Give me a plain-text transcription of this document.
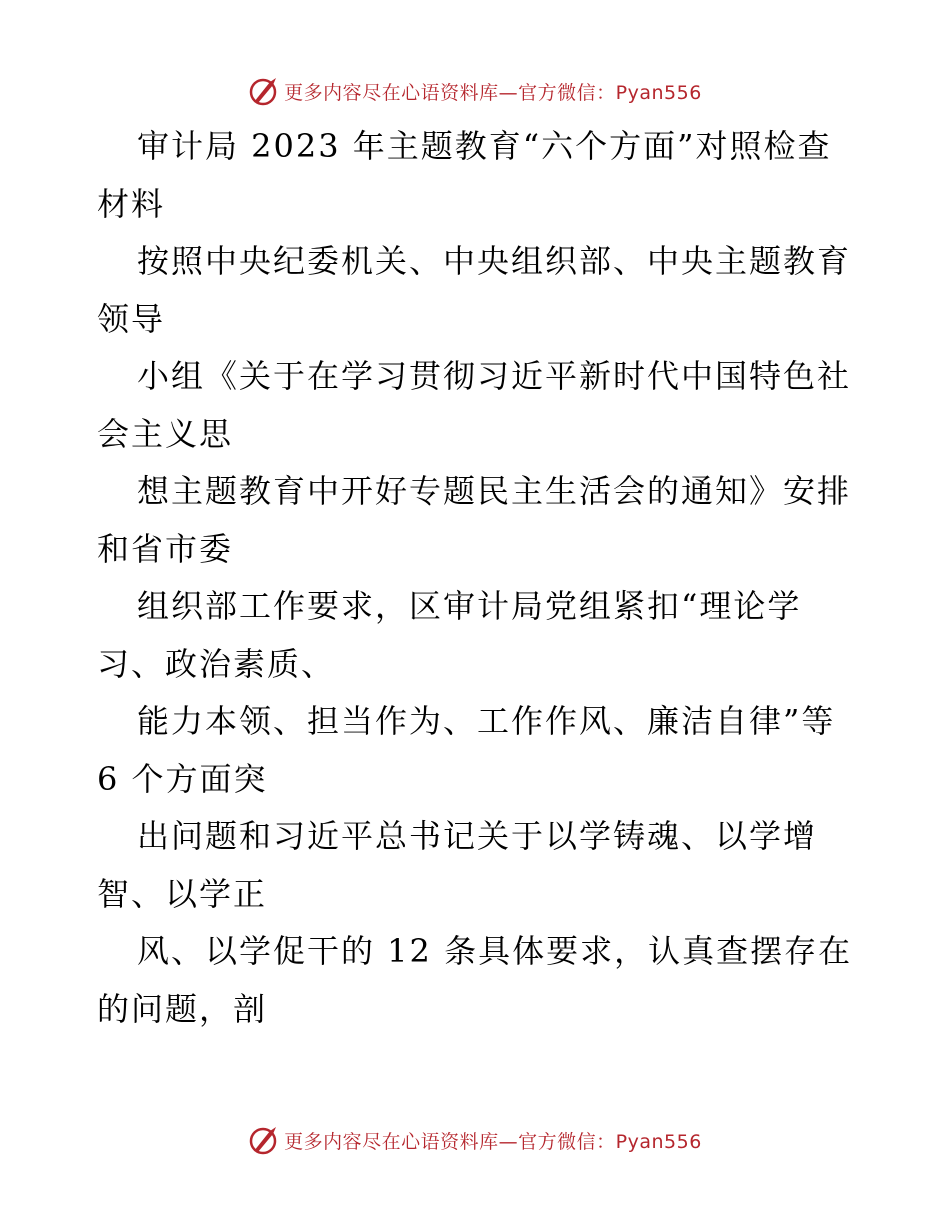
更多内容尽在心语资料库—官方微信：Pyan556
审计局 2023 年主题教育“六个方面”对照检查
材料
按照中央纪委机关、中央组织部、中央主题教育
领导
小组《关于在学习贯彻习近平新时代中国特色社
会主义思
想主题教育中开好专题民主生活会的通知》安排
和省市委
组织部工作要求，区审计局党组紧扣“理论学
习、政治素质、
能力本领、担当作为、工作作风、廉洁自律”等
6 个方面突
出问题和习近平总书记关于以学铸魂、以学增
智、以学正
风、以学促干的 12 条具体要求，认真查摆存在
的问题，剖
更多内容尽在心语资料库—官方微信：Pyan556
